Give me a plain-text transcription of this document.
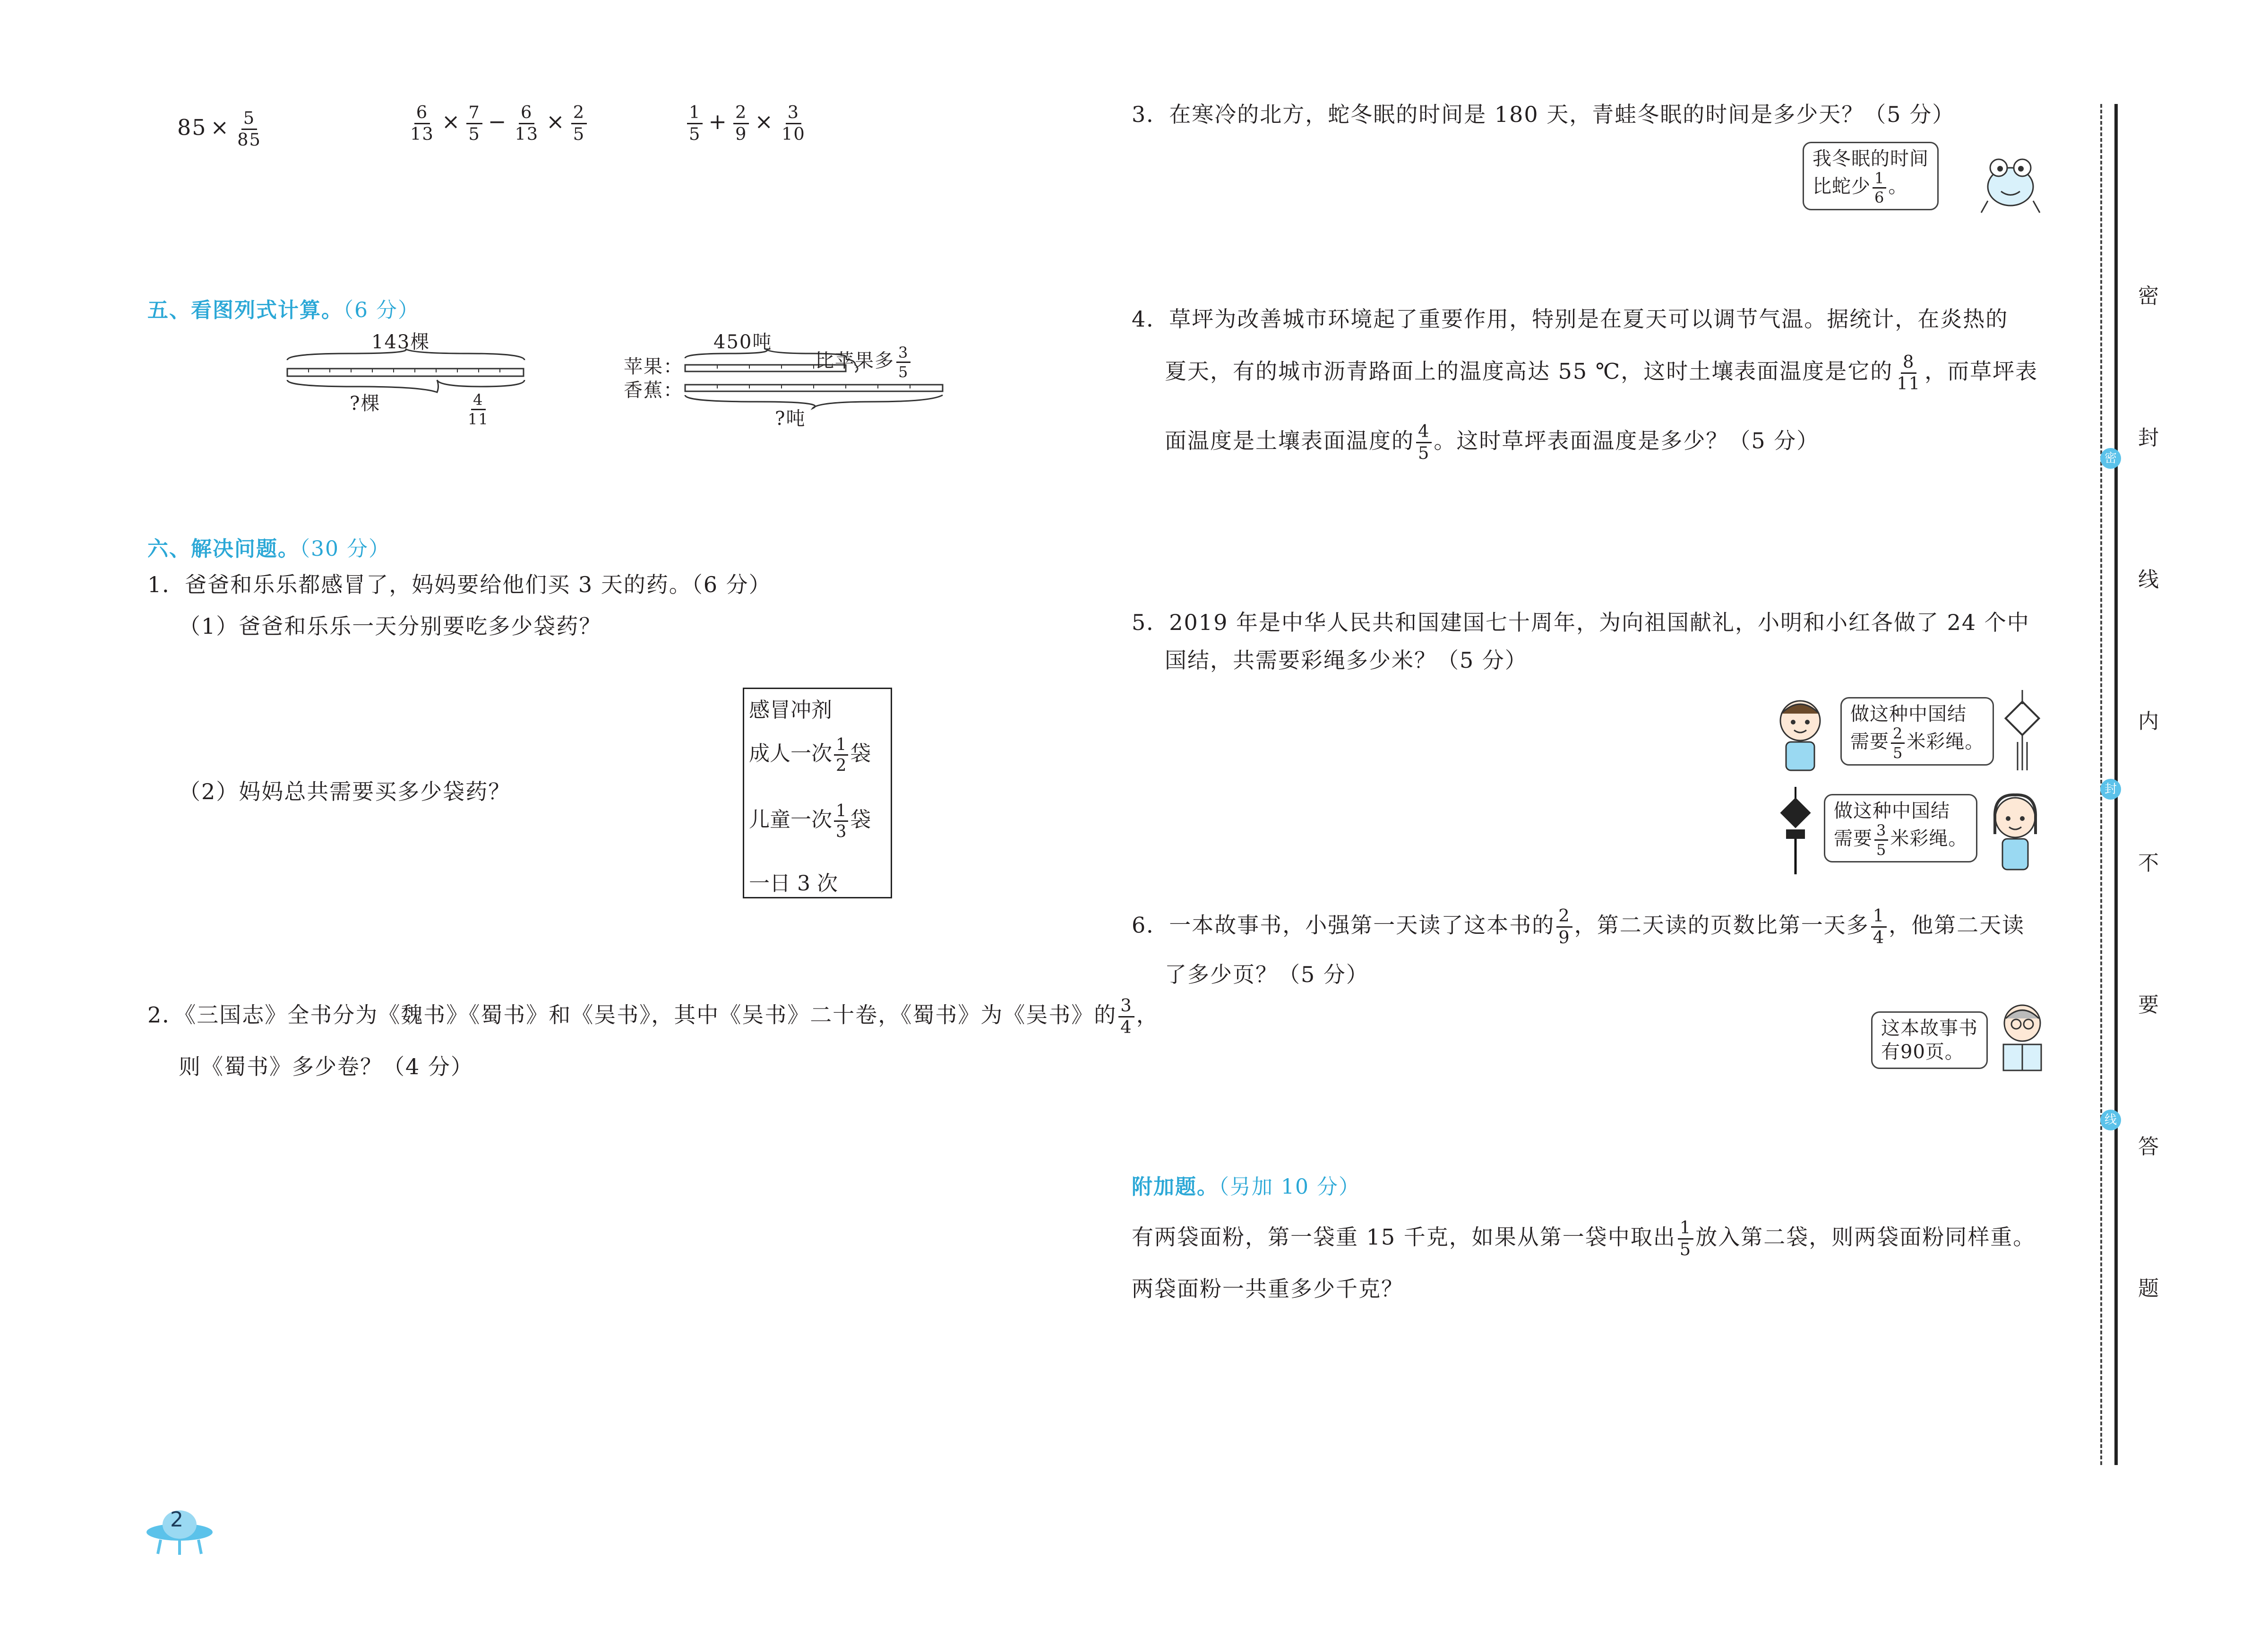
$85 \times \frac{5}{85}$	$\frac{6}{13} \times \frac{7}{5} - \frac{6}{13} \times \frac{2}{5}$	$\frac{1}{5} + \frac{2}{9} \times \frac{3}{10}$
五、看图列式计算。（6 分）
143棵
?棵	$\frac{4}{11}$
苹果：
香蕉：
450吨
比苹果多 $\frac{3}{5}$
?吨
六、解决问题。（30 分）
1．爸爸和乐乐都感冒了，妈妈要给他们买 3 天的药。（6 分）
（1）爸爸和乐乐一天分别要吃多少袋药？
（2）妈妈总共需要买多少袋药？
感冒冲剂
成人一次 $\frac{1}{2}$ 袋
儿童一次 $\frac{1}{3}$ 袋
一日 3 次
2．《三国志》全书分为《魏书》《蜀书》和《吴书》，其中《吴书》二十卷，《蜀书》为《吴书》的 $\frac{3}{4}$ ，
则《蜀书》多少卷？（4 分）
2
3．在寒冷的北方，蛇冬眠的时间是 180 天，青蛙冬眠的时间是多少天？（5 分）
我冬眠的时间
比蛇少 $\frac{1}{6}$ 。
4．草坪为改善城市环境起了重要作用，特别是在夏天可以调节气温。据统计，在炎热的
夏天，有的城市沥青路面上的温度高达 55 ℃，这时土壤表面温度是它的 $\frac{8}{11}$ ，而草坪表
面温度是土壤表面温度的 $\frac{4}{5}$ 。这时草坪表面温度是多少？（5 分）
5．2019 年是中华人民共和国建国七十周年，为向祖国献礼，小明和小红各做了 24 个中
国结，共需要彩绳多少米？（5 分）
做这种中国结
需要 $\frac{2}{5}$ 米彩绳。
做这种中国结
需要 $\frac{3}{5}$ 米彩绳。
6．一本故事书，小强第一天读了这本书的 $\frac{2}{9}$ ，第二天读的页数比第一天多 $\frac{1}{4}$ ，他第二天读
了多少页？（5 分）
这本故事书
有90页。
附加题。（另加 10 分）
有两袋面粉，第一袋重 15 千克，如果从第一袋中取出 $\frac{1}{5}$ 放入第二袋，则两袋面粉同样重。
两袋面粉一共重多少千克？
密
封
线
内
不
要
答
题
密
封
线
